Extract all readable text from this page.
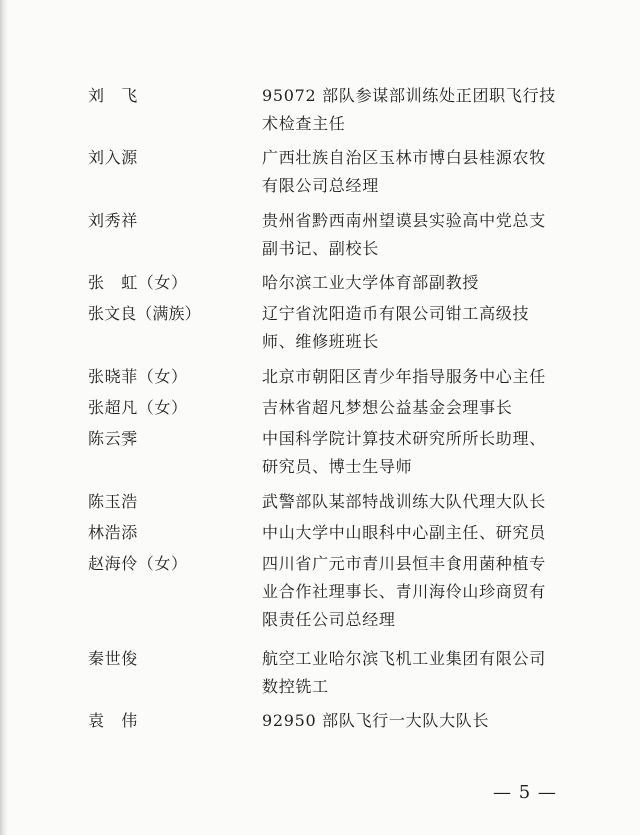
刘　飞	95072 部队参谋部训练处正团职飞行技
术检查主任
刘入源	广西壮族自治区玉林市博白县桂源农牧
有限公司总经理
刘秀祥	贵州省黔西南州望谟县实验高中党总支
副书记、副校长
张　虹（女）	哈尔滨工业大学体育部副教授
张文良（满族）	辽宁省沈阳造币有限公司钳工高级技
师、维修班班长
张晓菲（女）	北京市朝阳区青少年指导服务中心主任
张超凡（女）	吉林省超凡梦想公益基金会理事长
陈云霁	中国科学院计算技术研究所所长助理、
研究员、博士生导师
陈玉浩	武警部队某部特战训练大队代理大队长
林浩添	中山大学中山眼科中心副主任、研究员
赵海伶（女）	四川省广元市青川县恒丰食用菌种植专
业合作社理事长、青川海伶山珍商贸有
限责任公司总经理
秦世俊	航空工业哈尔滨飞机工业集团有限公司
数控铣工
袁　伟	92950 部队飞行一大队大队长
— 5 —
